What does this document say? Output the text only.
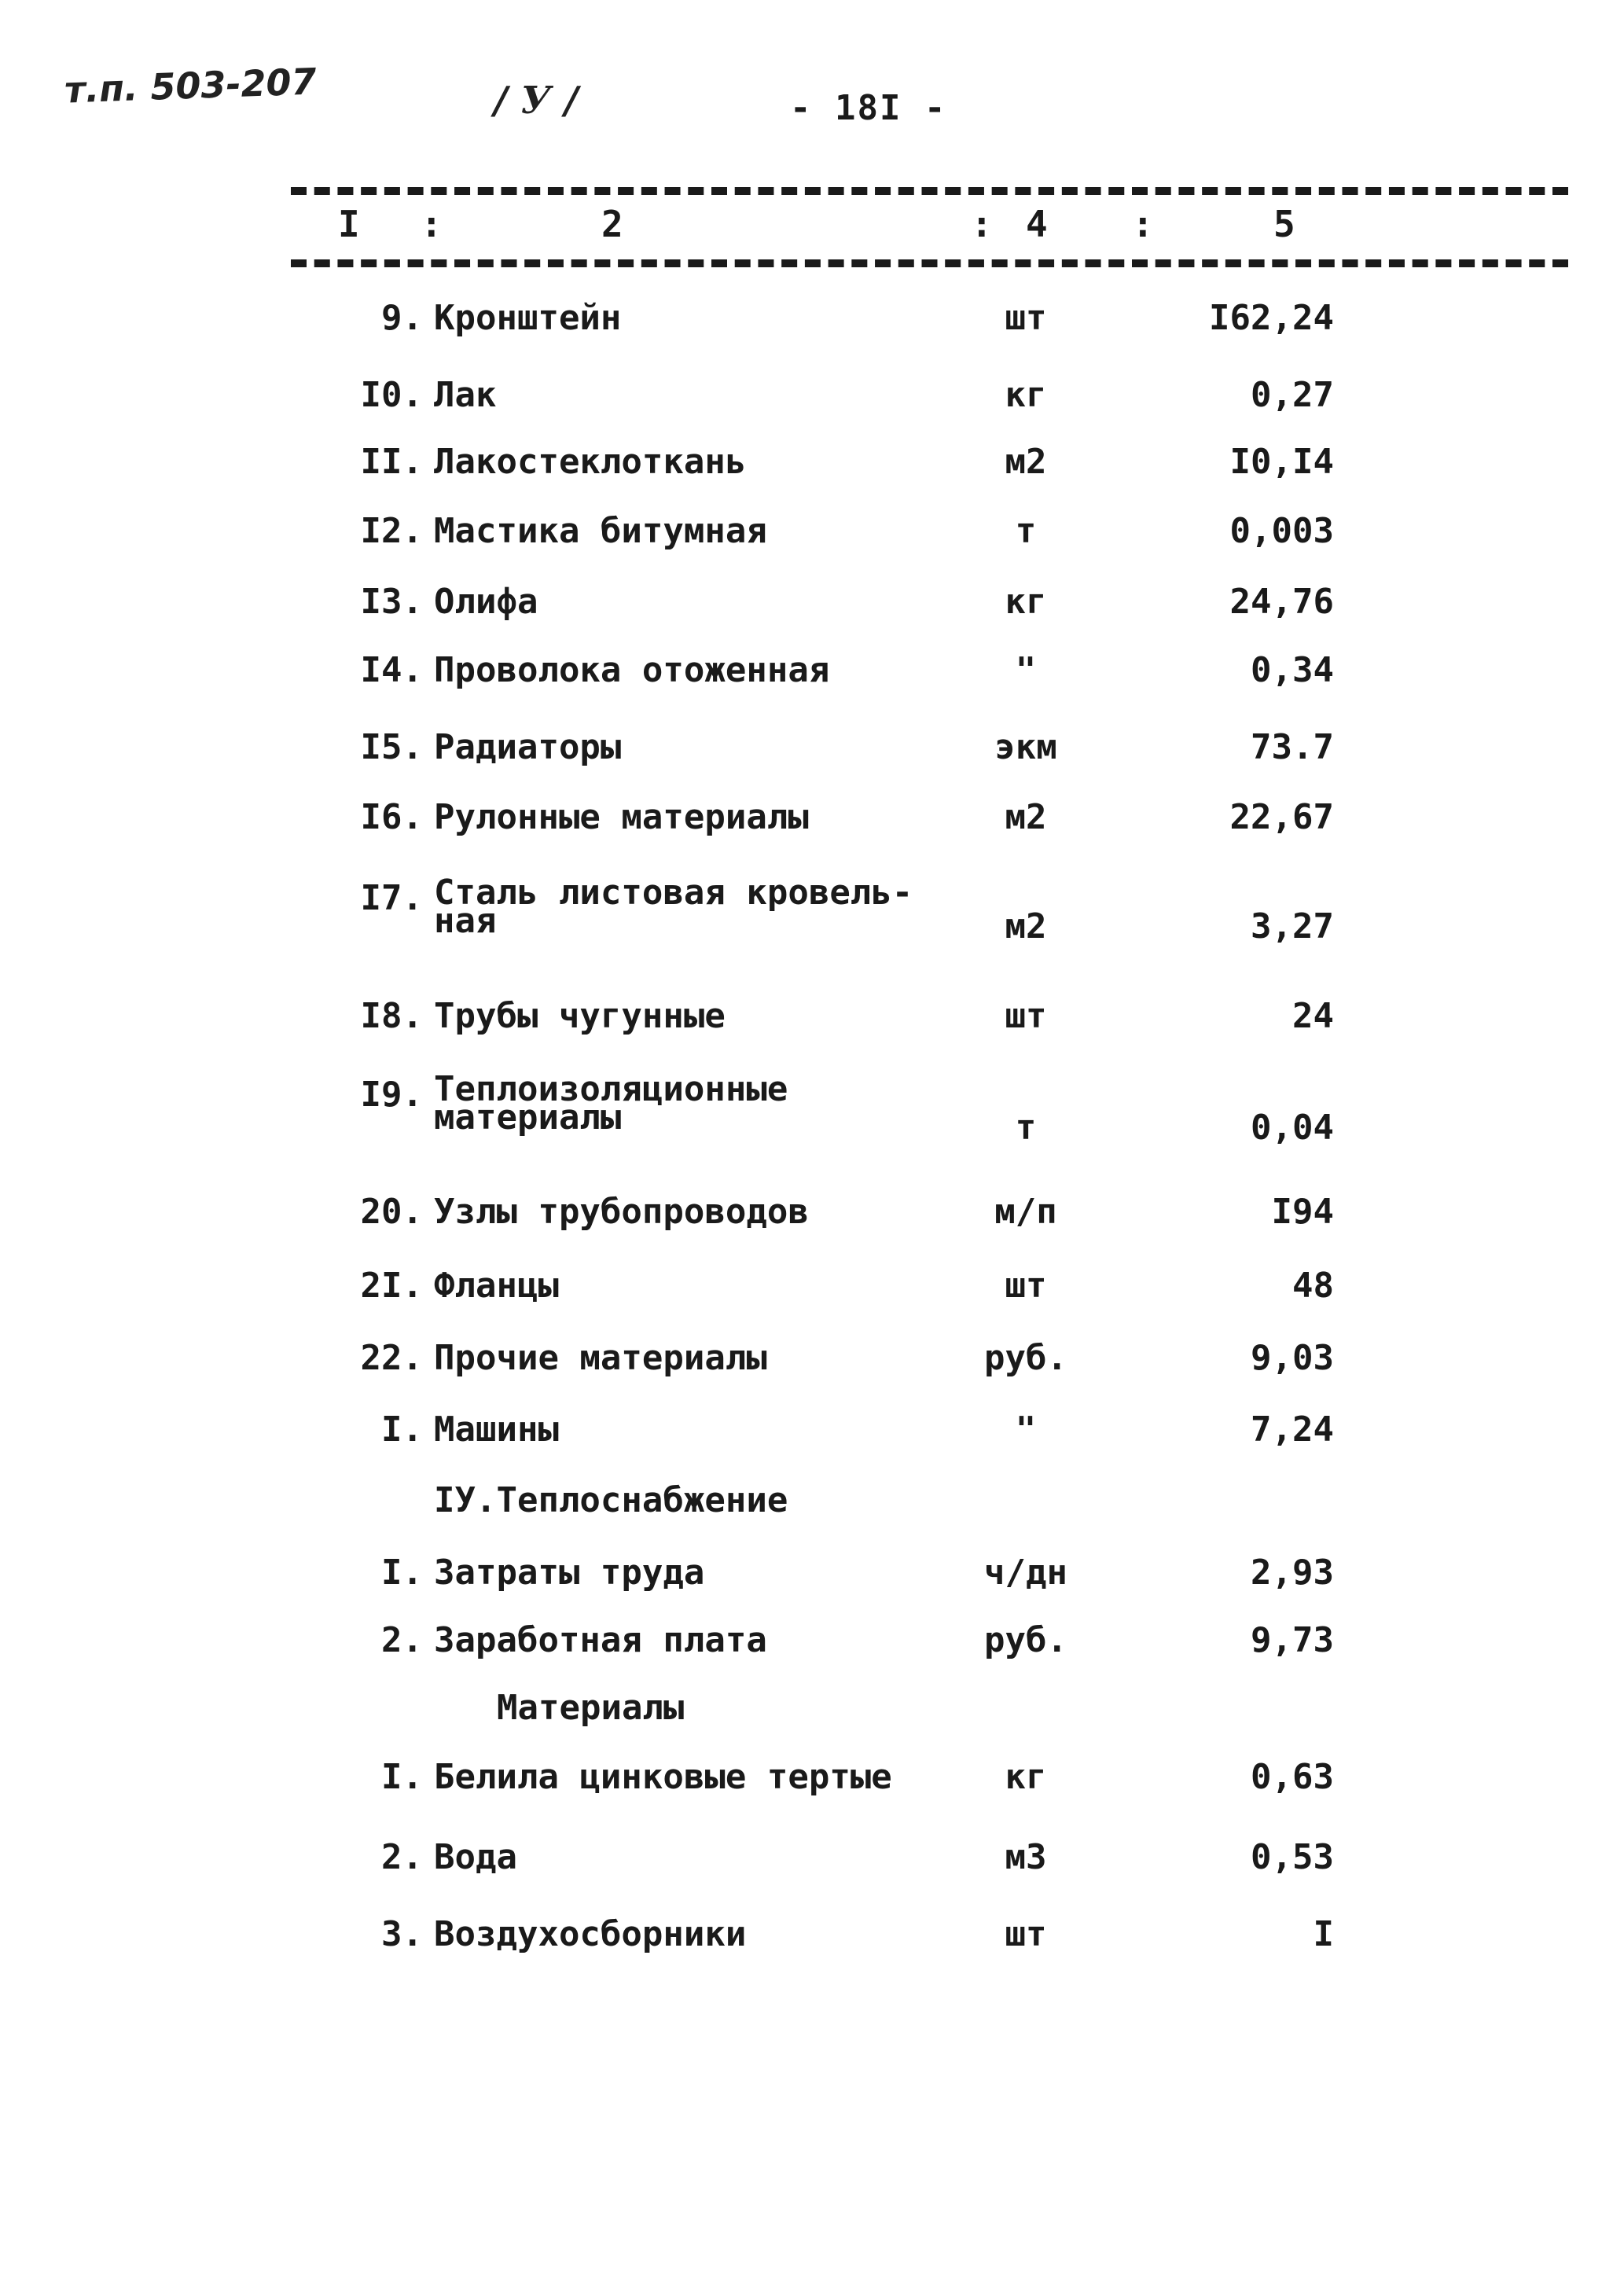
т.п. 503-207	/ У /	- 18I -
I :	2	: 4 :	5
9. Кронштейн	шт	I62,24
I0. Лак	кг	0,27
II. Лакостеклоткань	м2	I0,I4
I2. Мастика битумная	т	0,003
I3. Олифа	кг	24,76
I4. Проволока отоженная	"	0,34
I5. Радиаторы	экм	73.7
I6. Рулонные материалы	м2	22,67
I7. Сталь листовая кровель-
ная	м2	3,27
I8. Трубы чугунные	шт	24
I9. Теплоизоляционные
материалы	т	0,04
20. Узлы трубопроводов	м/п	I94
2I. Фланцы	шт	48
22. Прочие материалы	руб.	9,03
I. Машины	"	7,24
IУ.Теплоснабжение
I. Затраты труда	ч/дн	2,93
2. Заработная плата	руб.	9,73
Материалы
I. Белила цинковые тертые	кг	0,63
2. Вода	м3	0,53
3. Воздухосборники	шт	I
